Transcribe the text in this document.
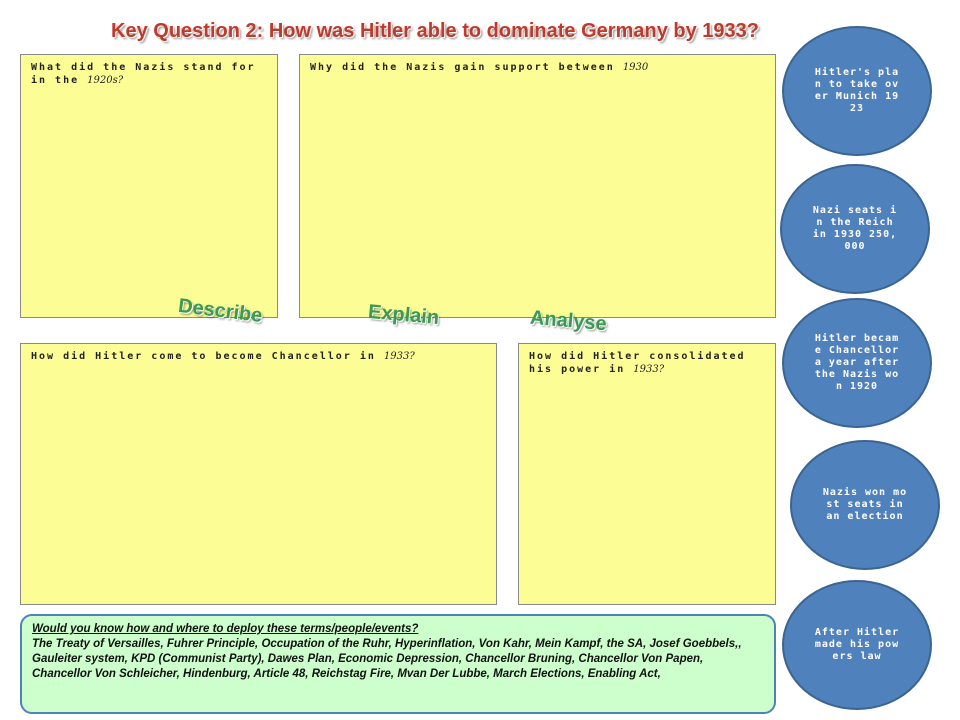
Key Question 2: How was Hitler able to dominate Germany by 1933?

What did the Nazis stand for in the 1920s?

Why did the Nazis gain support between 1930

Describe	Explain	Analyse

How did Hitler come to become Chancellor in 1933?	How did Hitler consolidated his power in 1933?

Hitler's plan to take over Munich 1923

Nazi seats in the Reich in 1930 250,000

Hitler became Chancellor a year after the Nazis won 1920

Nazis won most seats in an election

After Hitler made his powers law

Would you know how and where to deploy these terms/people/events?

The Treaty of Versailles, Fuhrer Principle, Occupation of the Ruhr, Hyperinflation, Von Kahr, Mein Kampf, the SA, Josef Goebbels,, Gauleiter system, KPD (Communist Party), Dawes Plan, Economic Depression, Chancellor Bruning, Chancellor Von Papen, Chancellor Von Schleicher, Hindenburg, Article 48, Reichstag Fire, Mvan Der Lubbe, March Elections, Enabling Act,
